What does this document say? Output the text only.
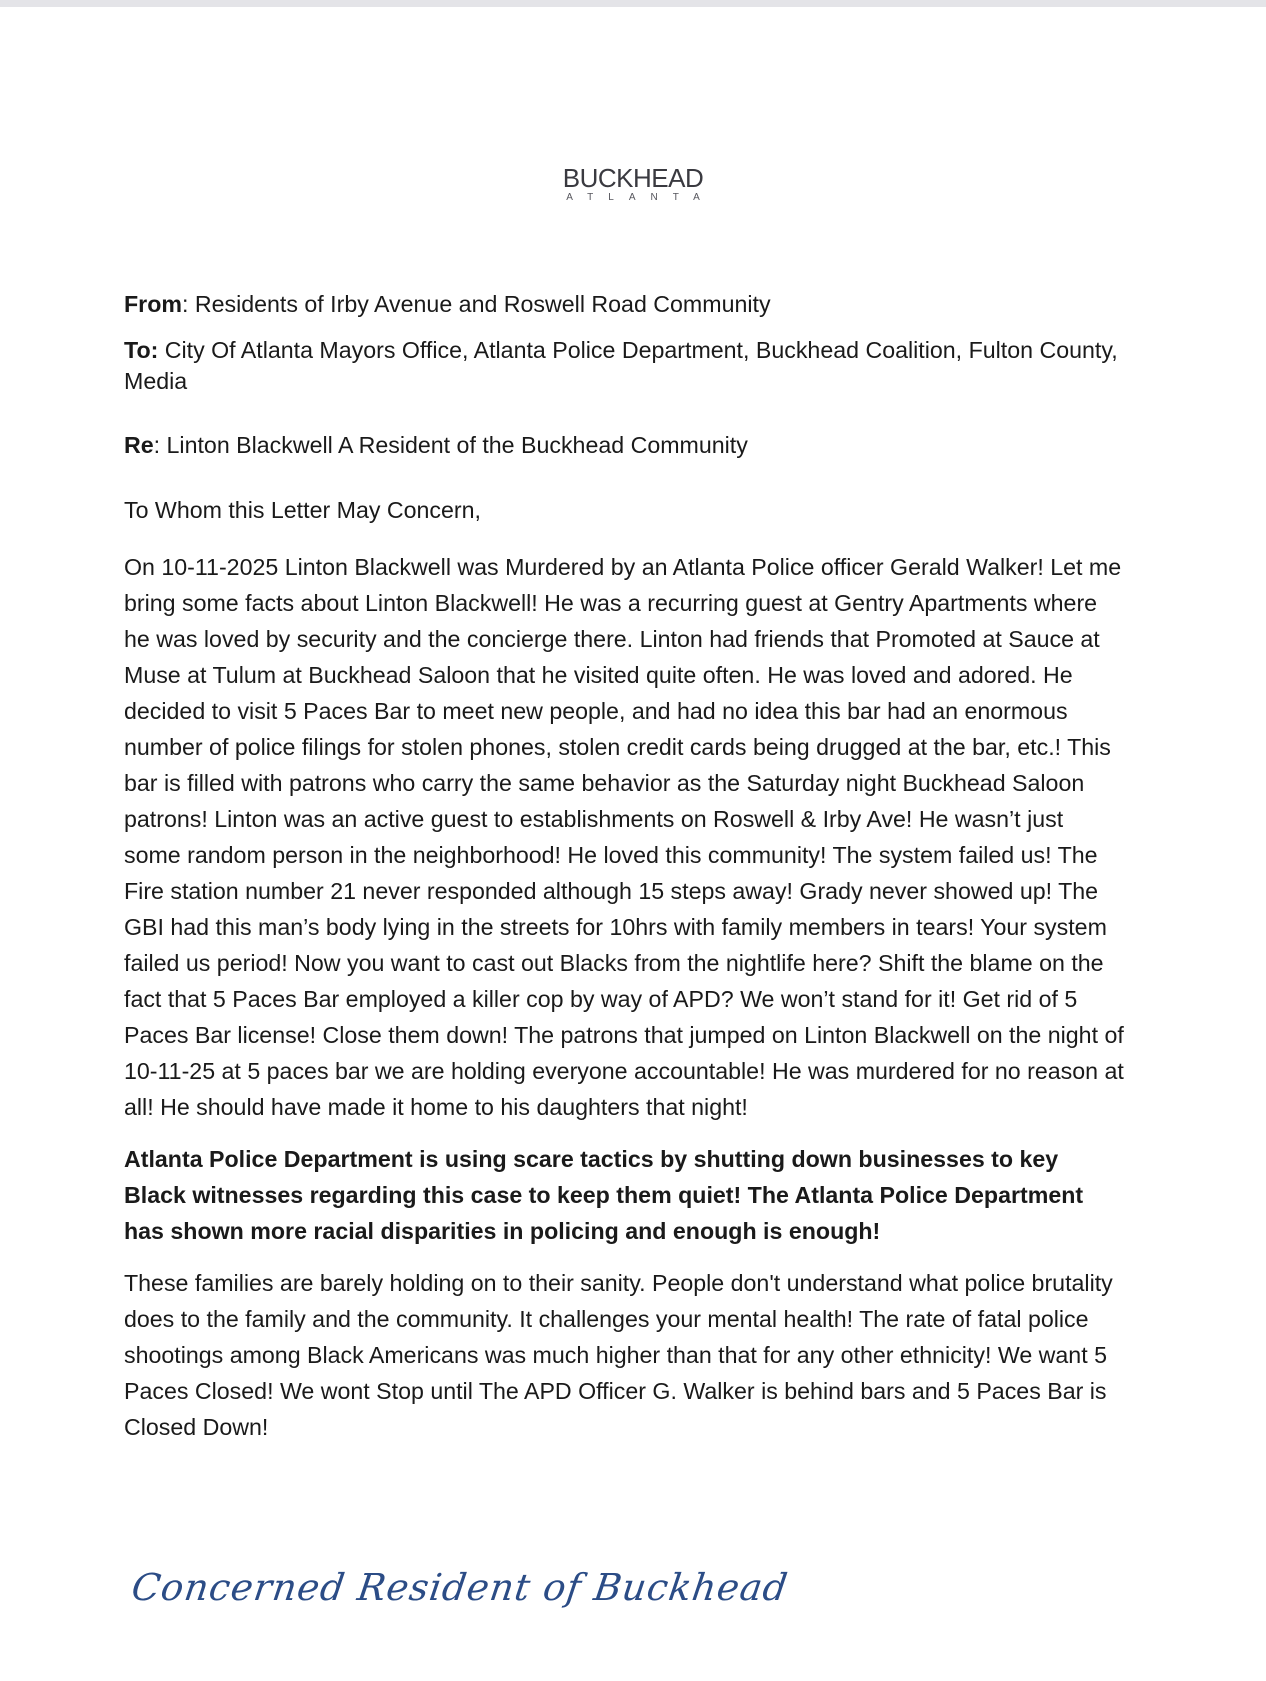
BUCKHEAD
ATLANTA

From: Residents of Irby Avenue and Roswell Road Community

To: City Of Atlanta Mayors Office, Atlanta Police Department, Buckhead Coalition, Fulton County, Media

Re: Linton Blackwell A Resident of the Buckhead Community

To Whom this Letter May Concern,

On 10-11-2025 Linton Blackwell was Murdered by an Atlanta Police officer Gerald Walker! Let me bring some facts about Linton Blackwell! He was a recurring guest at Gentry Apartments where he was loved by security and the concierge there. Linton had friends that Promoted at Sauce at Muse at Tulum at Buckhead Saloon that he visited quite often. He was loved and adored. He decided to visit 5 Paces Bar to meet new people, and had no idea this bar had an enormous number of police filings for stolen phones, stolen credit cards being drugged at the bar, etc.! This bar is filled with patrons who carry the same behavior as the Saturday night Buckhead Saloon patrons! Linton was an active guest to establishments on Roswell & Irby Ave! He wasn’t just some random person in the neighborhood! He loved this community! The system failed us! The Fire station number 21 never responded although 15 steps away! Grady never showed up! The GBI had this man’s body lying in the streets for 10hrs with family members in tears! Your system failed us period! Now you want to cast out Blacks from the nightlife here? Shift the blame on the fact that 5 Paces Bar employed a killer cop by way of APD? We won’t stand for it! Get rid of 5 Paces Bar license! Close them down! The patrons that jumped on Linton Blackwell on the night of 10-11-25 at 5 paces bar we are holding everyone accountable! He was murdered for no reason at all! He should have made it home to his daughters that night!

Atlanta Police Department is using scare tactics by shutting down businesses to key Black witnesses regarding this case to keep them quiet! The Atlanta Police Department has shown more racial disparities in policing and enough is enough!

These families are barely holding on to their sanity. People don't understand what police brutality does to the family and the community. It challenges your mental health! The rate of fatal police shootings among Black Americans was much higher than that for any other ethnicity! We want 5 Paces Closed! We wont Stop until The APD Officer G. Walker is behind bars and 5 Paces Bar is Closed Down!

Concerned Resident of Buckhead
